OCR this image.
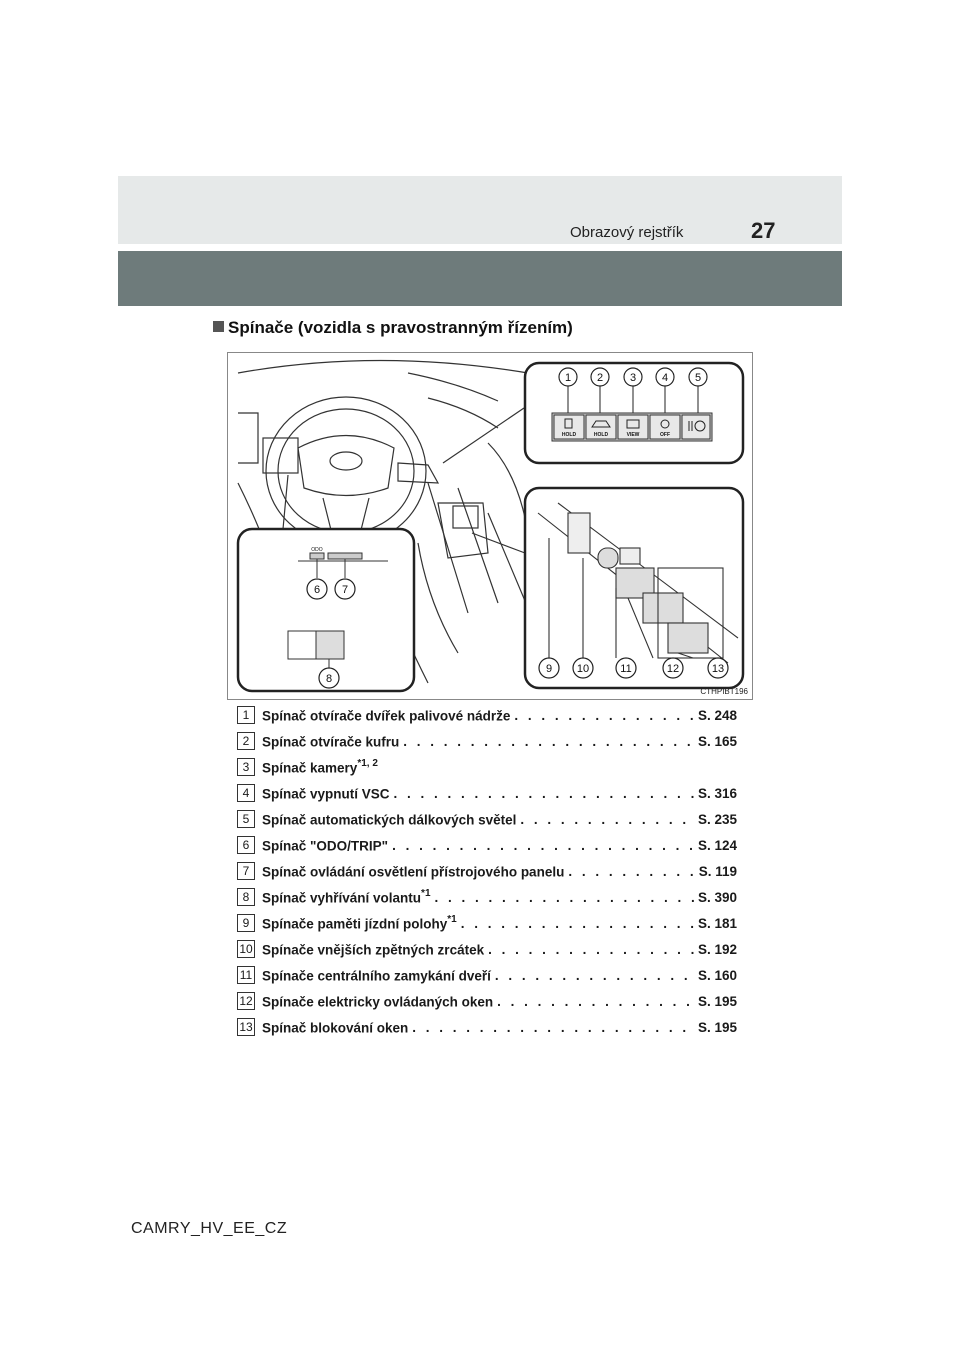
Obrazový rejstřík	27
Spínače (vozidla s pravostranným řízením)
1 2 3 4 5
HOLD	HOLD	VIEW	OFF
9 10	11	12	13
ODO
6 7
8
CTHPIBT196
1 Spínač otvírače dvířek palivové nádrže . . .	S. 248
2 Spínač otvírače kufru . . .	S. 165
3 Spínač kamery$^{*1, 2}$
4 Spínač vypnutí VSC . . .	S. 316
5 Spínač automatických dálkových světel . . .	S. 235
6 Spínač "ODO/TRIP" . . .	S. 124
7 Spínač ovládání osvětlení přístrojového panelu . . .	S. 119
8 Spínač vyhřívání volantu$^{*1}$ . . .	S. 390
9 Spínače paměti jízdní polohy$^{*1}$ . . .	S. 181
10 Spínače vnějších zpětných zrcátek . . .	S. 192
11 Spínače centrálního zamykání dveří . . .	S. 160
12 Spínače elektricky ovládaných oken . . .	S. 195
13 Spínač blokování oken . . .	S. 195
CAMRY_HV_EE_CZ
